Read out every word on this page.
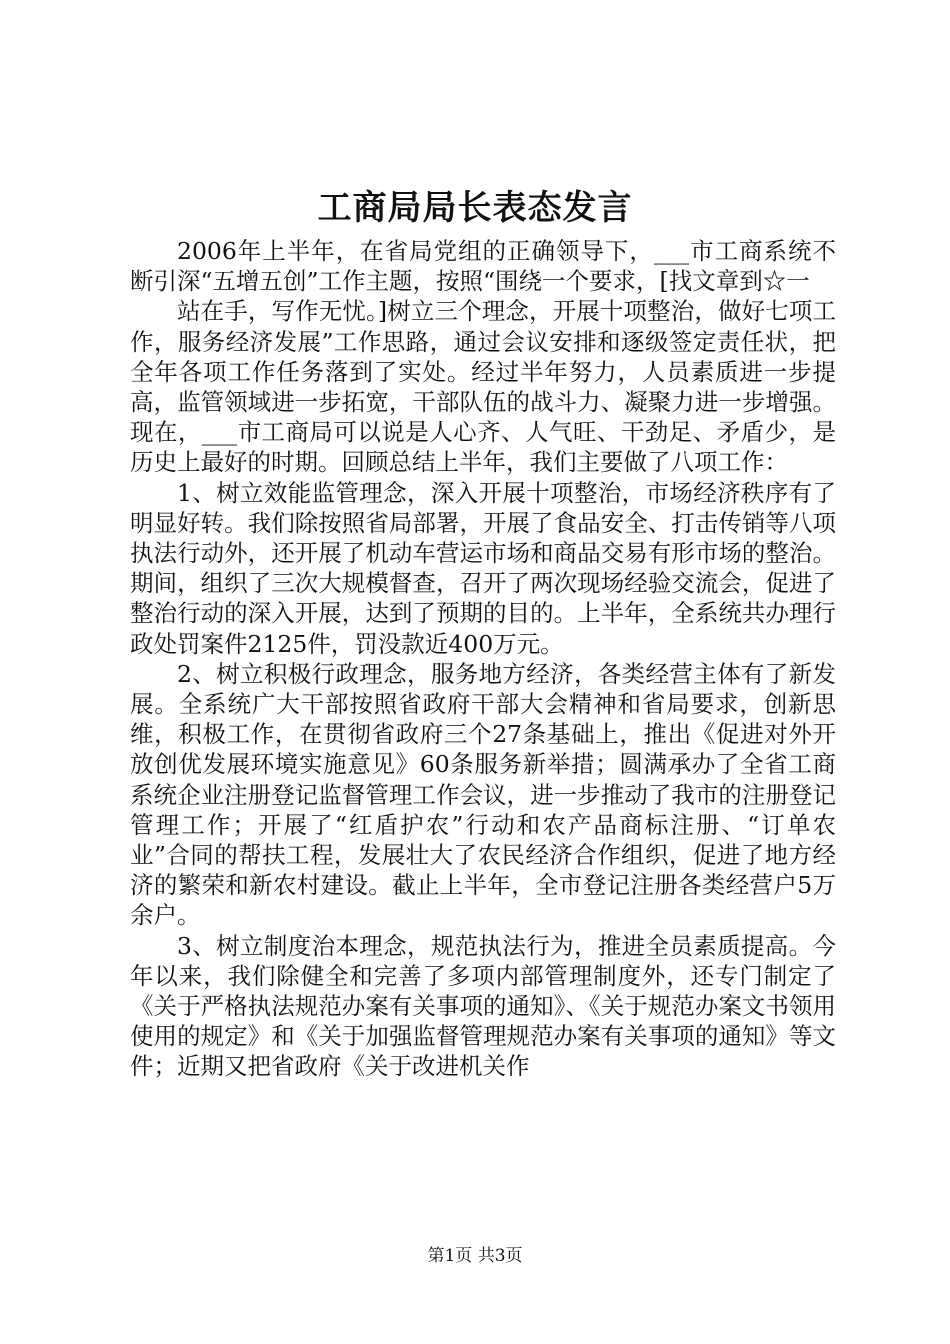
工商局局长表态发言

2006年上半年，在省局党组的正确领导下，___市工商系统不断引深“五增五创”工作主题，按照“围绕一个要求，[找文章到☆一

站在手，写作无忧。]树立三个理念，开展十项整治，做好七项工作，服务经济发展”工作思路，通过会议安排和逐级签定责任状，把全年各项工作任务落到了实处。经过半年努力，人员素质进一步提高，监管领域进一步拓宽，干部队伍的战斗力、凝聚力进一步增强。现在，___市工商局可以说是人心齐、人气旺、干劲足、矛盾少，是历史上最好的时期。回顾总结上半年，我们主要做了八项工作：

1、树立效能监管理念，深入开展十项整治，市场经济秩序有了明显好转。我们除按照省局部署，开展了食品安全、打击传销等八项执法行动外，还开展了机动车营运市场和商品交易有形市场的整治。期间，组织了三次大规模督查，召开了两次现场经验交流会，促进了整治行动的深入开展，达到了预期的目的。上半年，全系统共办理行政处罚案件2125件，罚没款近400万元。

2、树立积极行政理念，服务地方经济，各类经营主体有了新发展。全系统广大干部按照省政府干部大会精神和省局要求，创新思维，积极工作，在贯彻省政府三个27条基础上，推出《促进对外开放创优发展环境实施意见》60条服务新举措；圆满承办了全省工商系统企业注册登记监督管理工作会议，进一步推动了我市的注册登记管理工作；开展了“红盾护农”行动和农产品商标注册、“订单农业”合同的帮扶工程，发展壮大了农民经济合作组织，促进了地方经济的繁荣和新农村建设。截止上半年，全市登记注册各类经营户5万余户。

3、树立制度治本理念，规范执法行为，推进全员素质提高。今年以来，我们除健全和完善了多项内部管理制度外，还专门制定了《关于严格执法规范办案有关事项的通知》、《关于规范办案文书领用使用的规定》和《关于加强监督管理规范办案有关事项的通知》等文件；近期又把省政府《关于改进机关作

第1页 共3页
